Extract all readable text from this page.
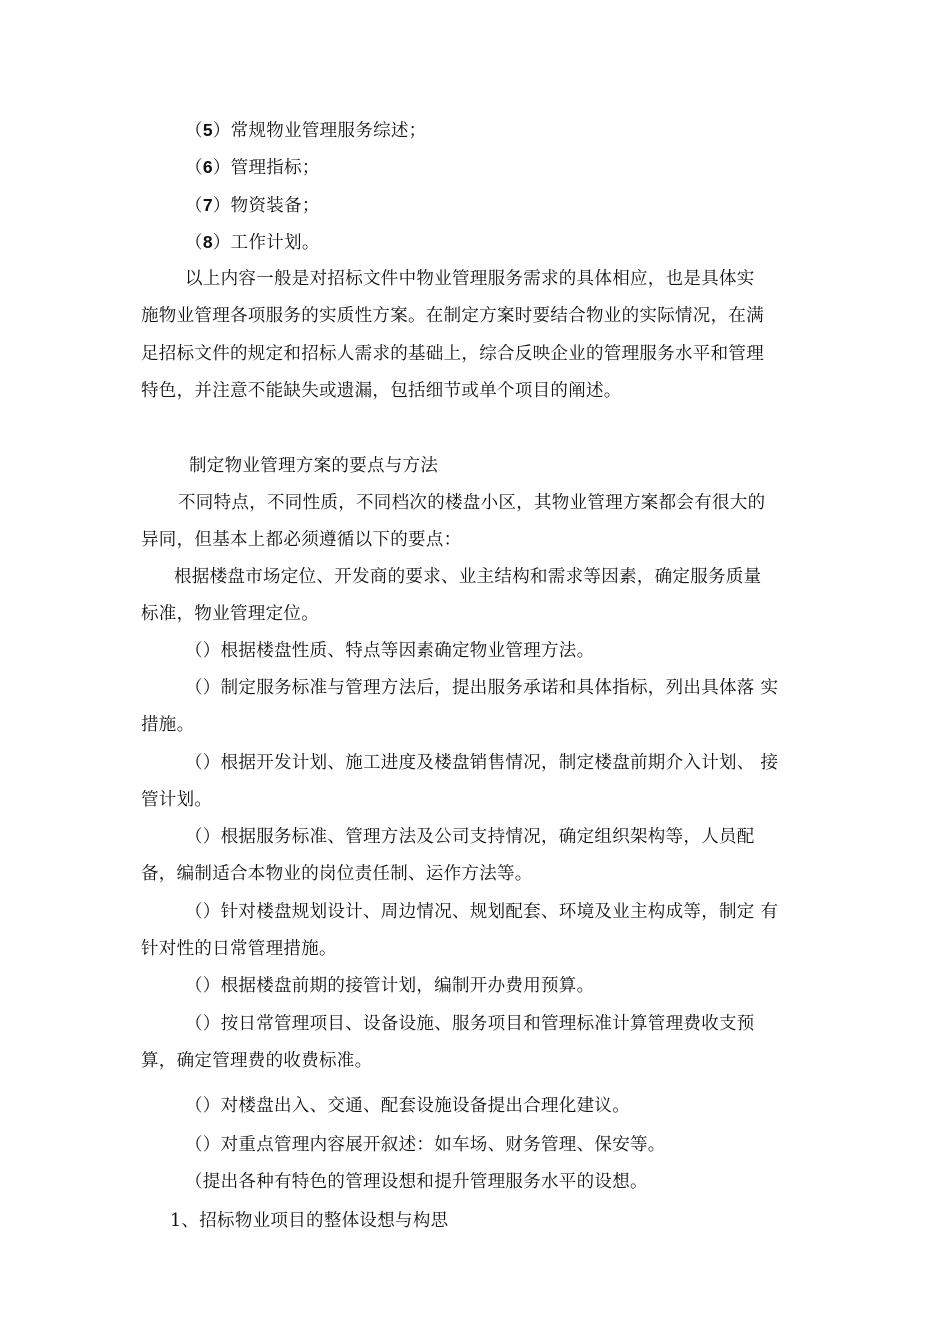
（5）常规物业管理服务综述；
（6）管理指标；
（7）物资装备；
（8）工作计划。
以上内容一般是对招标文件中物业管理服务需求的具体相应，也是具体实
施物业管理各项服务的实质性方案。在制定方案时要结合物业的实际情况，在满
足招标文件的规定和招标人需求的基础上，综合反映企业的管理服务水平和管理
特色，并注意不能缺失或遗漏，包括细节或单个项目的阐述。
制定物业管理方案的要点与方法
不同特点，不同性质，不同档次的楼盘小区，其物业管理方案都会有很大的
异同，但基本上都必须遵循以下的要点：
根据楼盘市场定位、开发商的要求、业主结构和需求等因素，确定服务质量
标准，物业管理定位。
（）根据楼盘性质、特点等因素确定物业管理方法。
（）制定服务标准与管理方法后，提出服务承诺和具体指标，列出具体落 实
措施。
（）根据开发计划、施工进度及楼盘销售情况，制定楼盘前期介入计划、 接
管计划。
（）根据服务标准、管理方法及公司支持情况，确定组织架构等，人员配
备，编制适合本物业的岗位责任制、运作方法等。
（）针对楼盘规划设计、周边情况、规划配套、环境及业主构成等，制定 有
针对性的日常管理措施。
（）根据楼盘前期的接管计划，编制开办费用预算。
（）按日常管理项目、设备设施、服务项目和管理标准计算管理费收支预
算，确定管理费的收费标准。
（）对楼盘出入、交通、配套设施设备提出合理化建议。
（）对重点管理内容展开叙述：如车场、财务管理、保安等。
（提出各种有特色的管理设想和提升管理服务水平的设想。
1、招标物业项目的整体设想与构思
